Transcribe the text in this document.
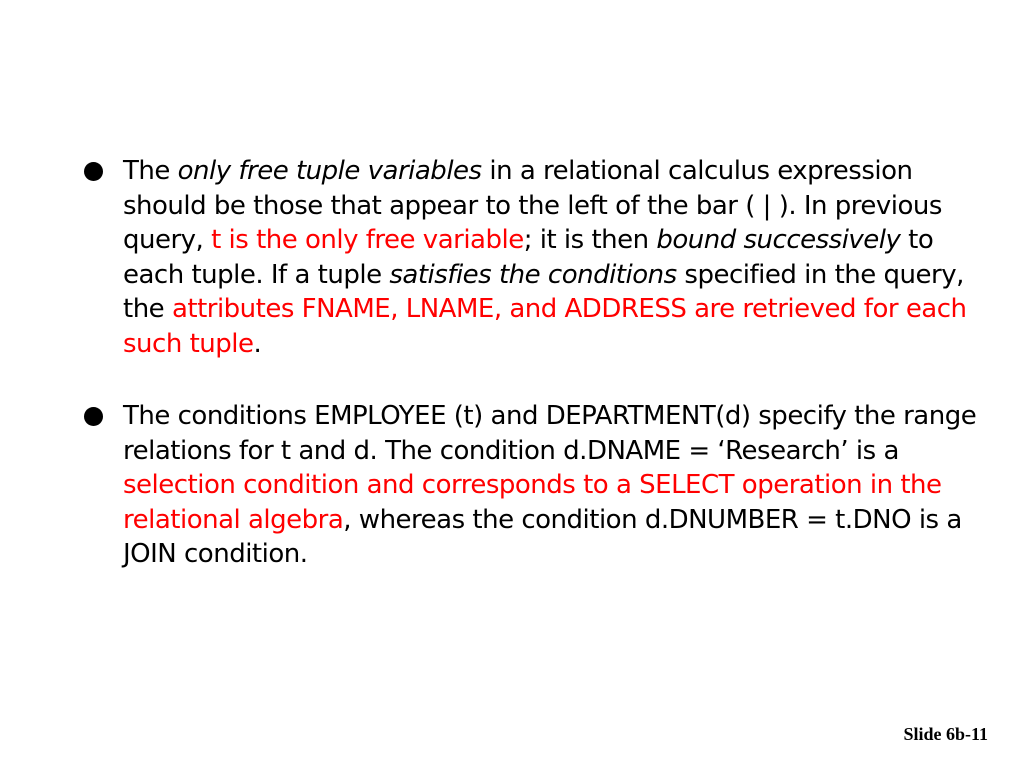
The only free tuple variables in a relational calculus expression should be those that appear to the left of the bar ( | ). In previous query, t is the only free variable; it is then bound successively to each tuple. If a tuple satisfies the conditions specified in the query, the attributes FNAME, LNAME, and ADDRESS are retrieved for each such tuple.
The conditions EMPLOYEE (t) and DEPARTMENT(d) specify the range relations for t and d. The condition d.DNAME = ‘Research’ is a selection condition and corresponds to a SELECT operation in the relational algebra, whereas the condition d.DNUMBER = t.DNO is a JOIN condition.
Slide 6b-11
